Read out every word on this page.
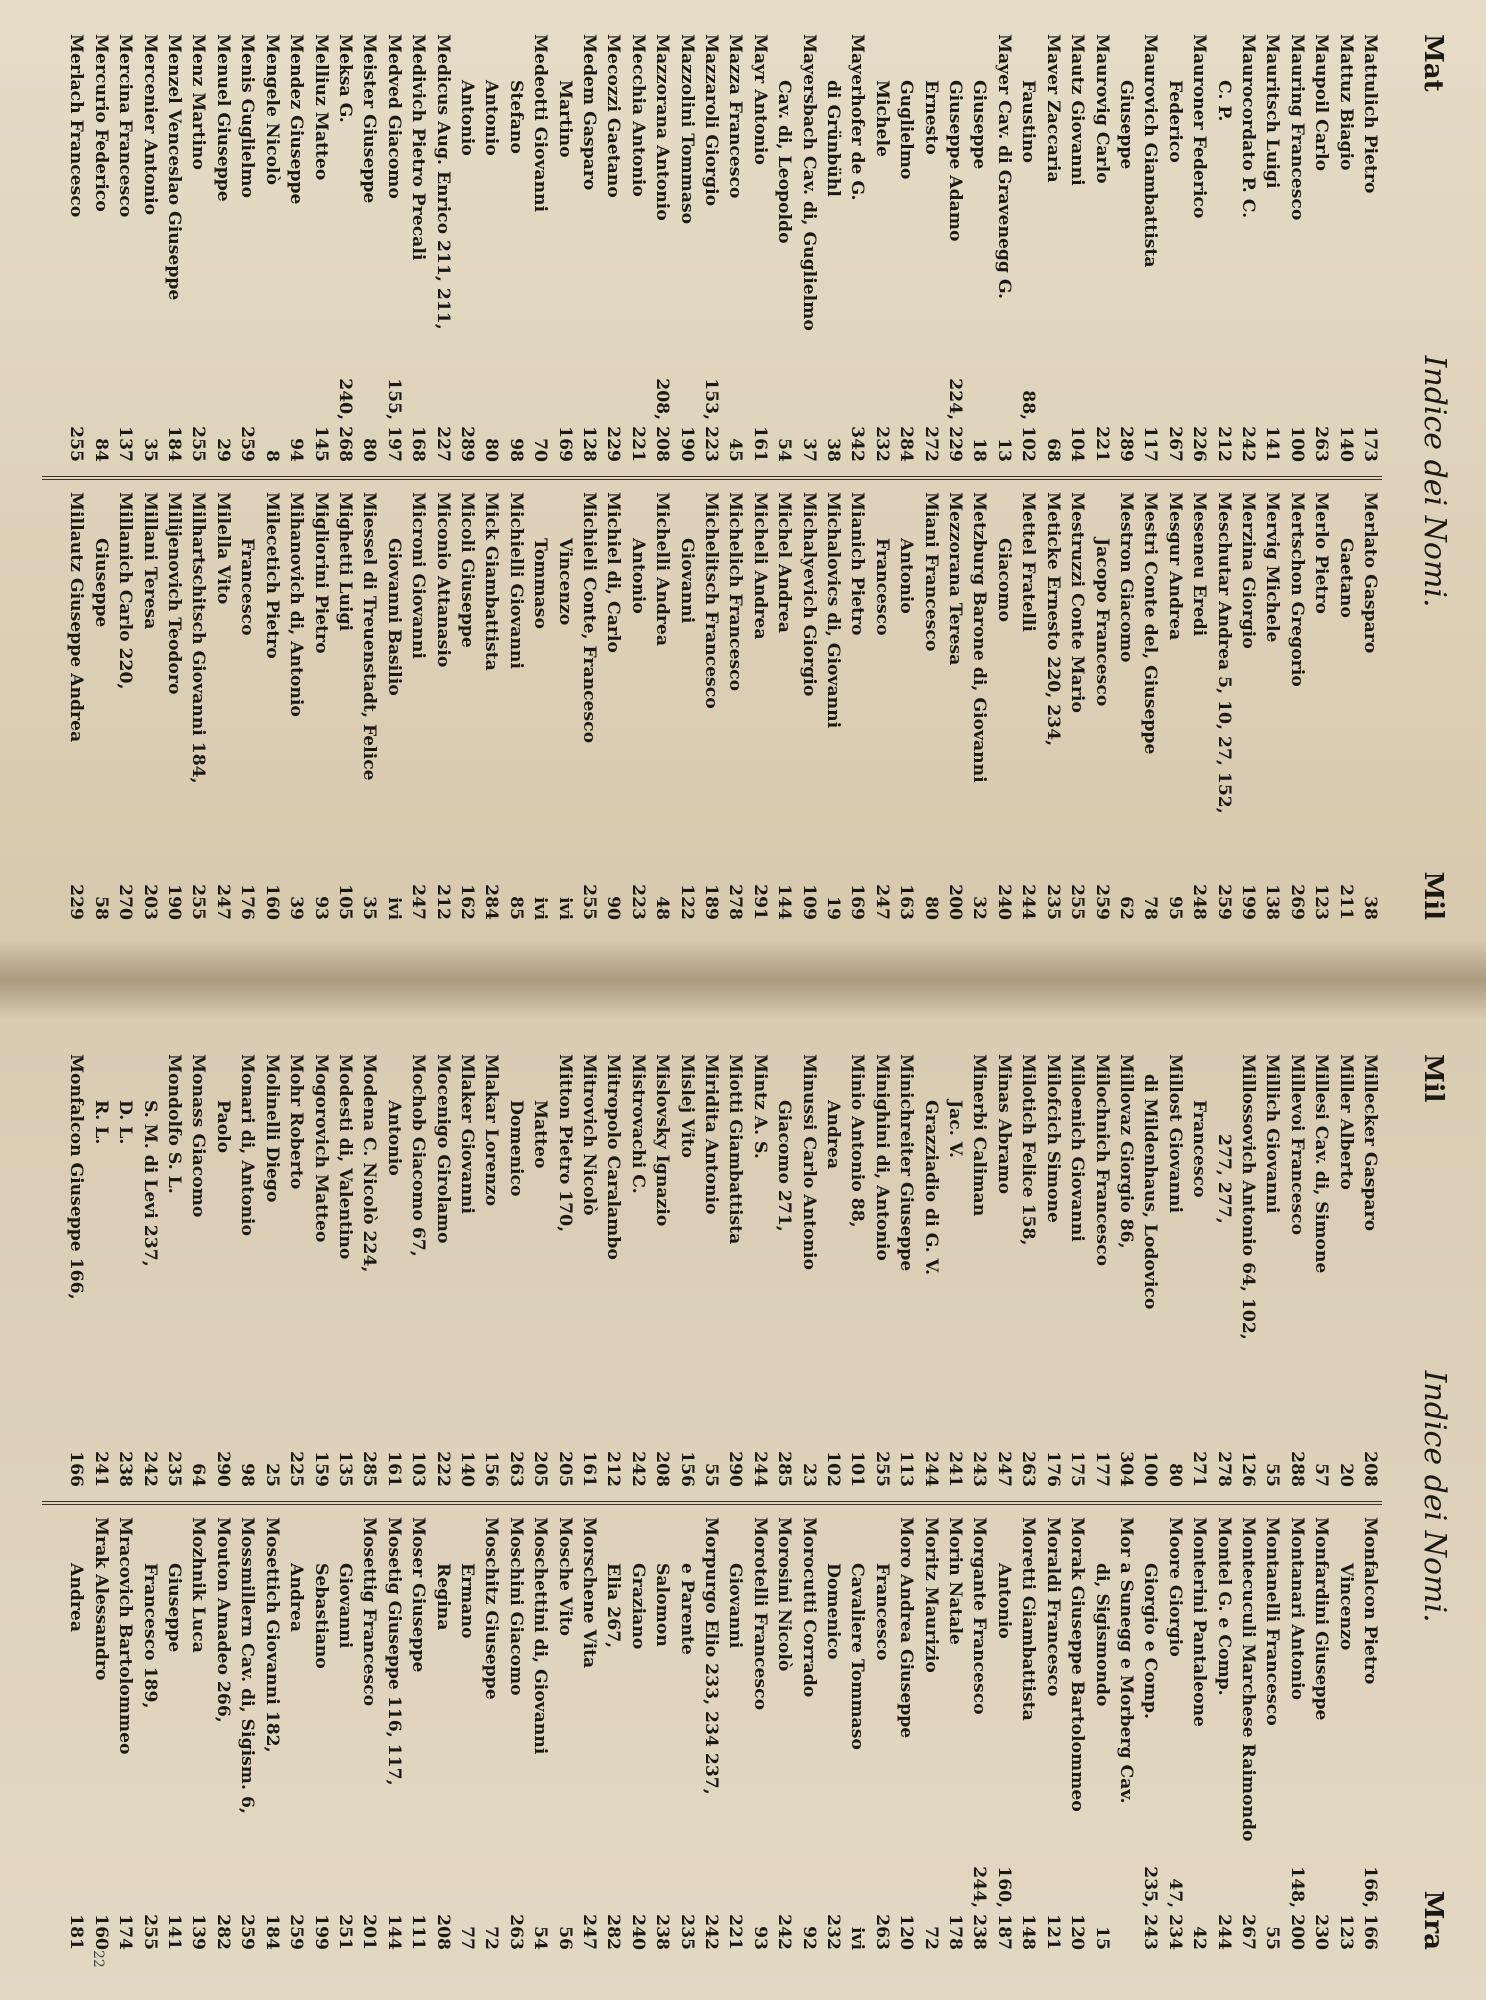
Mat
Indice dei Nomi.
Mil
Mattulich Pietro
173
Mattuz Biagio
140
Maupoil Carlo
263
Mauring Francesco
100
Mauritsch Luigi
141
Maurocordato P. C.
242
C. P.
212
Mauroner Federico
226
Federico
267
Maurovich Giambattista
117
Giuseppe
289
Maurovig Carlo
221
Mautz Giovanni
104
Maver Zaccaria
68
Faustino
88, 102
Mayer Cav. di Gravenegg G.
13
Giuseppe
18
Giuseppe Adamo
224, 229
Ernesto
272
Guglielmo
284
Michele
232
Mayerhofer de G.
342
di Grünbühl
38
Mayersbach Cav. di, Guglielmo
37
Cav. di, Leopoldo
54
Mayr Antonio
161
Mazza Francesco
45
Mazzaroli Giorgio
153, 223
Mazzolini Tommaso
190
Mazzorana Antonio
208, 208
Mecchia Antonio
221
Mecozzi Gaetano
229
Medem Gasparo
128
Martino
169
Medeotti Giovanni
70
Stefano
98
Antonio
80
Antonio
289
Medicus Aug. Enrico 211, 211,
227
Medivich Pietro Precali
168
Medved Giacomo
155, 197
Meister Giuseppe
80
Meksa G.
240, 268
Melliuz Matteo
145
Mendez Giuseppe
94
Mengele Nicolò
8
Menis Guglielmo
259
Menuel Giuseppe
29
Menz Martino
255
Menzel Venceslao Giuseppe
184
Mercenier Antonio
35
Mercina Francesco
137
Mercurio Federico
84
Merlach Francesco
255
Merlato Gasparo
38
Gaetano
211
Merlo Pietro
123
Mertschon Gregorio
269
Mervig Michele
138
Merzina Giorgio
199
Meschutar Andrea 5, 10, 27, 152,
259
Meseneu Eredi
248
Mesgur Andrea
95
Mestri Conte del, Giuseppe
78
Mestron Giacomo
62
Jacopo Francesco
259
Mestruzzi Conte Mario
255
Meticke Ernesto 220, 234,
235
Mettel Fratelli
244
Giacomo
240
Metzburg Barone di, Giovanni
32
Mezzorana Teresa
200
Miani Francesco
80
Antonio
163
Francesco
247
Mianich Pietro
169
Michalovics di, Giovanni
19
Michalyevich Giorgio
109
Michel Andrea
144
Micheli Andrea
291
Michelich Francesco
278
Michelitsch Francesco
189
Giovanni
122
Michelli Andrea
48
Antonio
223
Michiel di, Carlo
90
Michieli Conte, Francesco
255
Vincenzo
ivi
Tommaso
ivi
Michielli Giovanni
85
Mick Giambattista
284
Micoli Giuseppe
162
Miconio Attanasio
212
Microni Giovanni
247
Giovanni Basilio
ivi
Miessel di Treuenstadt, Felice
35
Mighetti Luigi
105
Migliorini Pietro
93
Mihanovich di, Antonio
39
Milecetich Pietro
160
Francesco
176
Milella Vito
247
Milhartschitsch Giovanni 184,
255
Milijenovich Teodoro
190
Millani Teresa
203
Millanich Carlo 220,
270
Giuseppe
58
Millautz Giuseppe Andrea
229
Mil
Indice dei Nomi.
Mra
Millecker Gasparo
208
Miller Alberto
20
Millesi Cav. di, Simone
57
Millevoi Francesco
288
Millich Giovanni
55
Millossovich Antonio 64, 102,
126
277, 277,
278
Francesco
271
Millost Giovanni
80
di Mildenhaus, Lodovico
100
Millovaz Giorgio 86,
304
Milochnich Francesco
177
Miloenich Giovanni
175
Milofcich Simone
176
Milotich Felice 158,
263
Minas Abramo
247
Minerbi Caliman
243
Jac. V.
241
Grazziadio di G. V.
244
Minichreiter Giuseppe
113
Minighini di, Antonio
255
Minio Antonio 88,
101
Andrea
102
Minussi Carlo Antonio
23
Giacomo 271,
285
Mintz A. S.
244
Miotti Giambattista
290
Miridita Antonio
55
Mislej Vito
156
Mislovsky Ignazio
208
Mistrovachi C.
242
Mitropolo Caralambo
212
Mitrovich Nicolò
161
Mitton Pietro 170,
205
Matteo
205
Domenico
263
Mlakar Lorenzo
156
Mlaker Giovanni
140
Mocenigo Girolamo
222
Mochob Giacomo 67,
103
Antonio
161
Modena C. Nicolò 224,
285
Modesti di, Valentino
135
Mogorovich Matteo
159
Mohr Roberto
225
Molinelli Diego
25
Monari di, Antonio
98
Paolo
290
Monass Giacomo
64
Mondolfo S. L.
235
S. M. di Levi 237,
242
D. L.
238
R. L.
241
Monfalcon Giuseppe 166,
166
Monfalcon Pietro
166, 166
Vincenzo
123
Monfardini Giuseppe
230
Montanari Antonio
148, 200
Montanelli Francesco
55
Montecuculi Marchese Raimondo
267
Montel G. e Comp.
244
Monterini Pantaleone
42
Moore Giorgio
47, 234
Giorgio e Comp.
235, 243
Mor a Sunegg e Morberg Cav.
di, Sigismondo
15
Morak Giuseppe Bartolommeo
120
Moraldi Francesco
121
Moretti Giambattista
148
Antonio
160, 187
Morgante Francesco
244, 238
Morin Natale
178
Moritz Maurizio
72
Moro Andrea Giuseppe
120
Francesco
263
Cavaliere Tommaso
ivi
Domenico
232
Morocutti Corrado
92
Morosini Nicolò
242
Morotelli Francesco
93
Giovanni
221
Morpurgo Elio 233, 234 237,
242
e Parente
235
Salomon
238
Graziano
240
Elia 267,
282
Morschene Vita
247
Mosche Vito
56
Moschettini di, Giovanni
54
Moschini Giacomo
263
Moschitz Giuseppe
72
Ermano
77
Regina
208
Moser Giuseppe
111
Mosetig Giuseppe 116, 117,
144
Mosettig Francesco
201
Giovanni
251
Sebastiano
199
Andrea
259
Mosettich Giovanni 182,
184
Mossmillern Cav. di, Sigism. 6,
259
Mouton Amadeo 266,
282
Mozhnik Luca
139
Giuseppe
141
Francesco 189,
255
Mracovich Bartolommeo
174
Mrak Alessandro
160
Andrea
181
22
